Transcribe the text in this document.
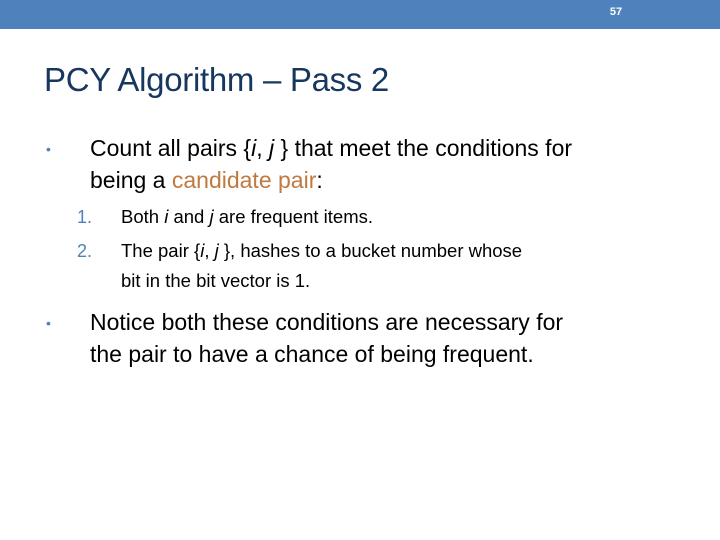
57
PCY Algorithm – Pass 2
• Count all pairs {i, j } that meet the conditions for
being a candidate pair:
1. Both i and j are frequent items.
2. The pair {i, j }, hashes to a bucket number whose
bit in the bit vector is 1.
• Notice both these conditions are necessary for
the pair to have a chance of being frequent.
